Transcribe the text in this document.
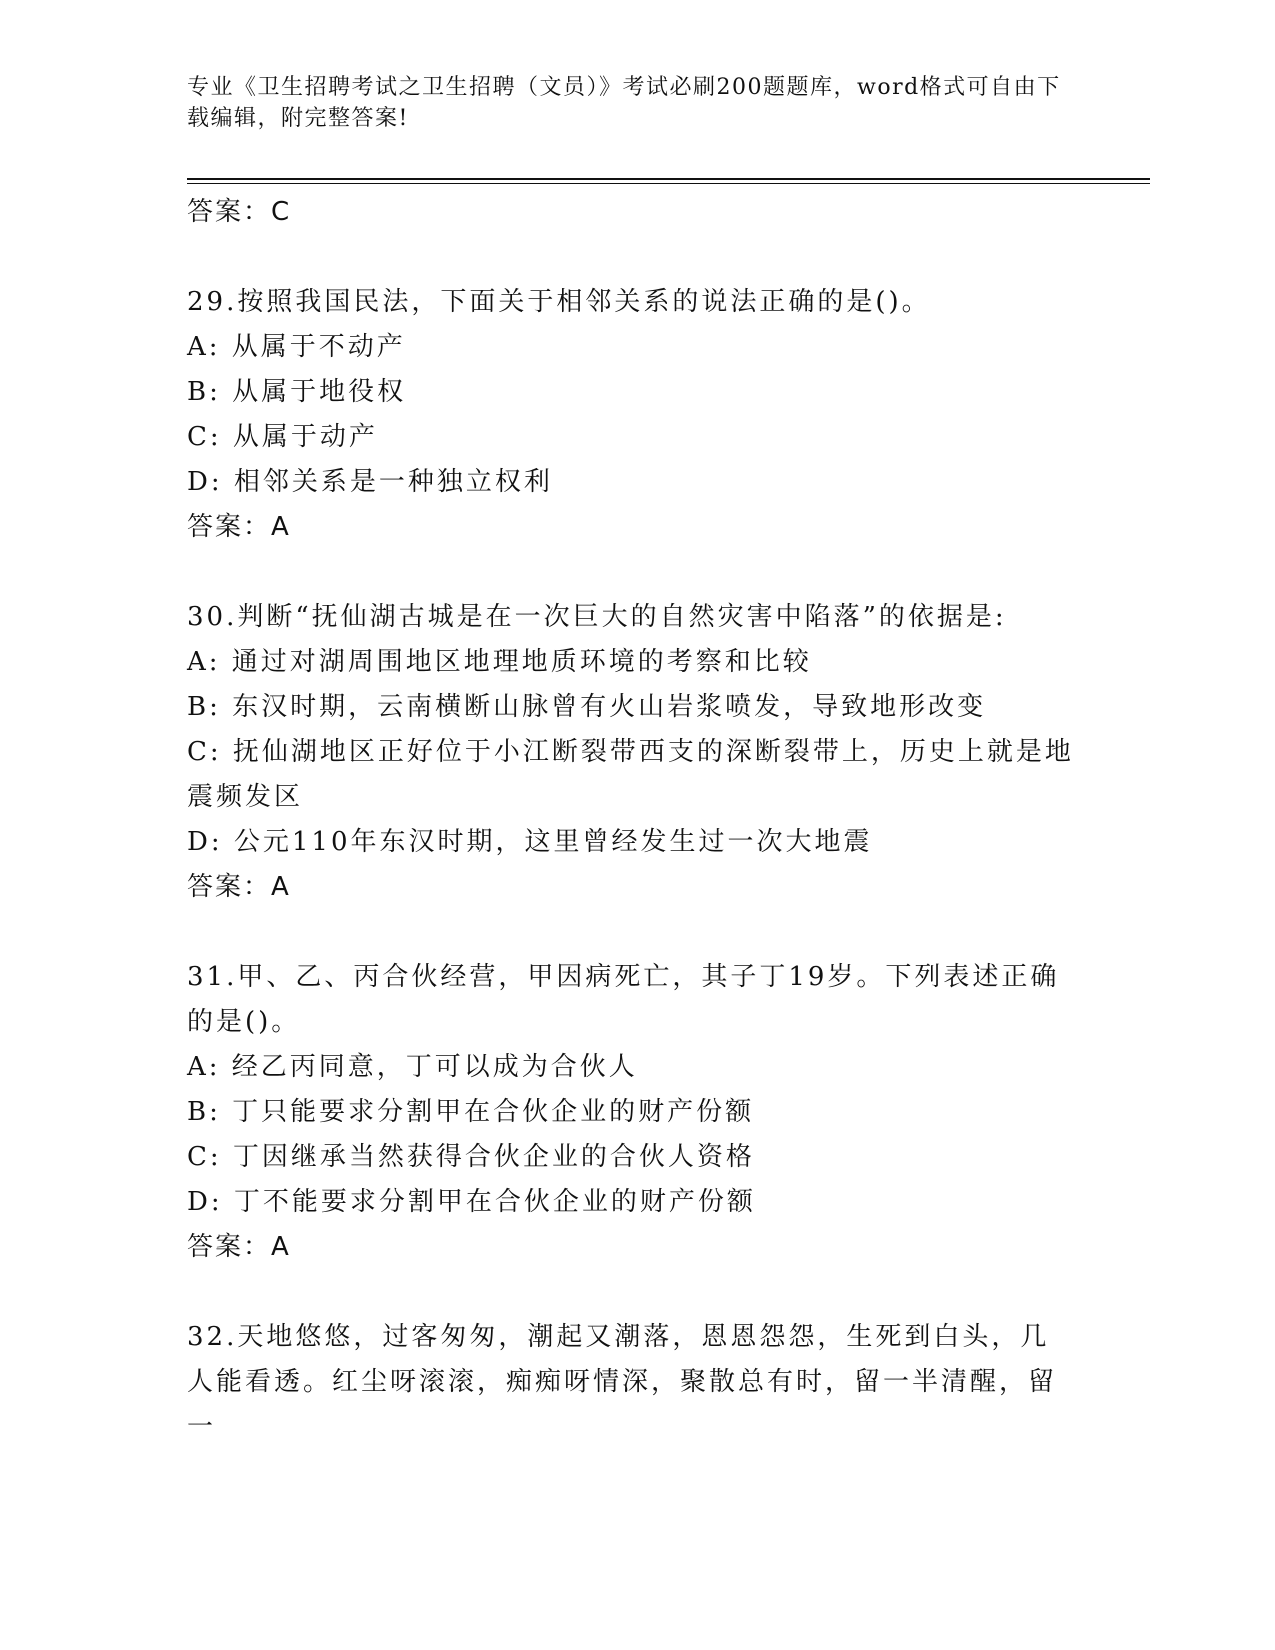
专业《卫生招聘考试之卫生招聘（文员）》考试必刷200题题库，word格式可自由下载编辑，附完整答案!
答案：C
29.按照我国民法，下面关于相邻关系的说法正确的是()。
A: 从属于不动产
B: 从属于地役权
C: 从属于动产
D: 相邻关系是一种独立权利
答案：A
30.判断“抚仙湖古城是在一次巨大的自然灾害中陷落”的依据是:
A: 通过对湖周围地区地理地质环境的考察和比较
B: 东汉时期，云南横断山脉曾有火山岩浆喷发，导致地形改变
C: 抚仙湖地区正好位于小江断裂带西支的深断裂带上，历史上就是地震频发区
D: 公元110年东汉时期，这里曾经发生过一次大地震
答案：A
31.甲、乙、丙合伙经营，甲因病死亡，其子丁19岁。下列表述正确的是()。
A: 经乙丙同意，丁可以成为合伙人
B: 丁只能要求分割甲在合伙企业的财产份额
C: 丁因继承当然获得合伙企业的合伙人资格
D: 丁不能要求分割甲在合伙企业的财产份额
答案：A
32.天地悠悠，过客匆匆，潮起又潮落，恩恩怨怨，生死到白头，几人能看透。红尘呀滚滚，痴痴呀情深，聚散总有时，留一半清醒，留一
